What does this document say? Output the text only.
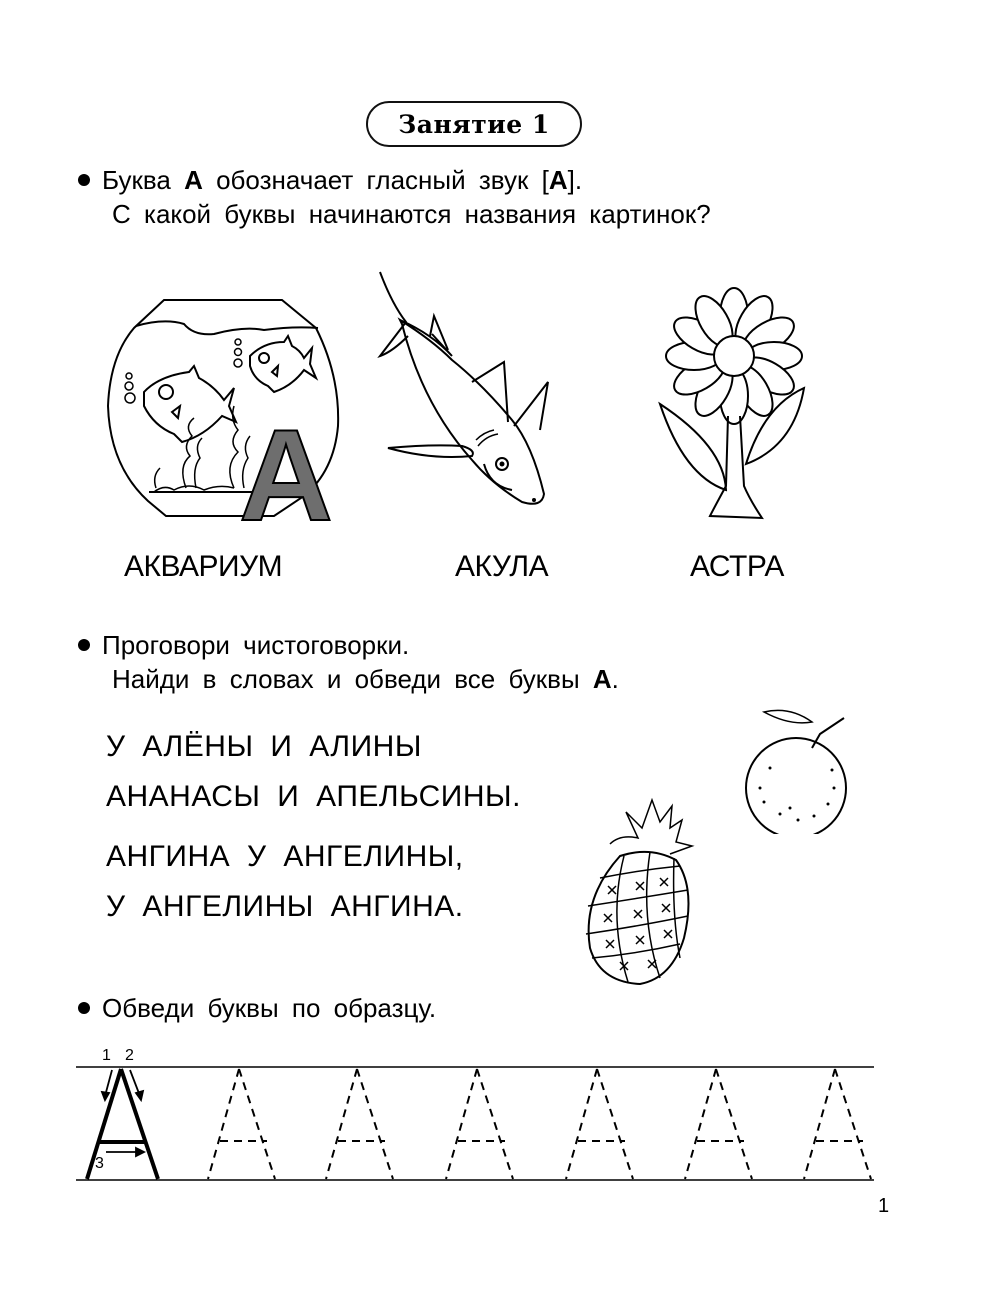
Занятие 1
Буква А обозначает гласный звук [А].
С какой буквы начинаются названия картинок?
А
АКВАРИУМ	АКУЛА	АСТРА
Проговори чистоговорки.
Найди в словах и обведи все буквы А.
У АЛЁНЫ И АЛИНЫ
АНАНАСЫ И АПЕЛЬСИНЫ.
АНГИНА У АНГЕЛИНЫ,
У АНГЕЛИНЫ АНГИНА.
Обведи буквы по образцу.
1 2
3
1
